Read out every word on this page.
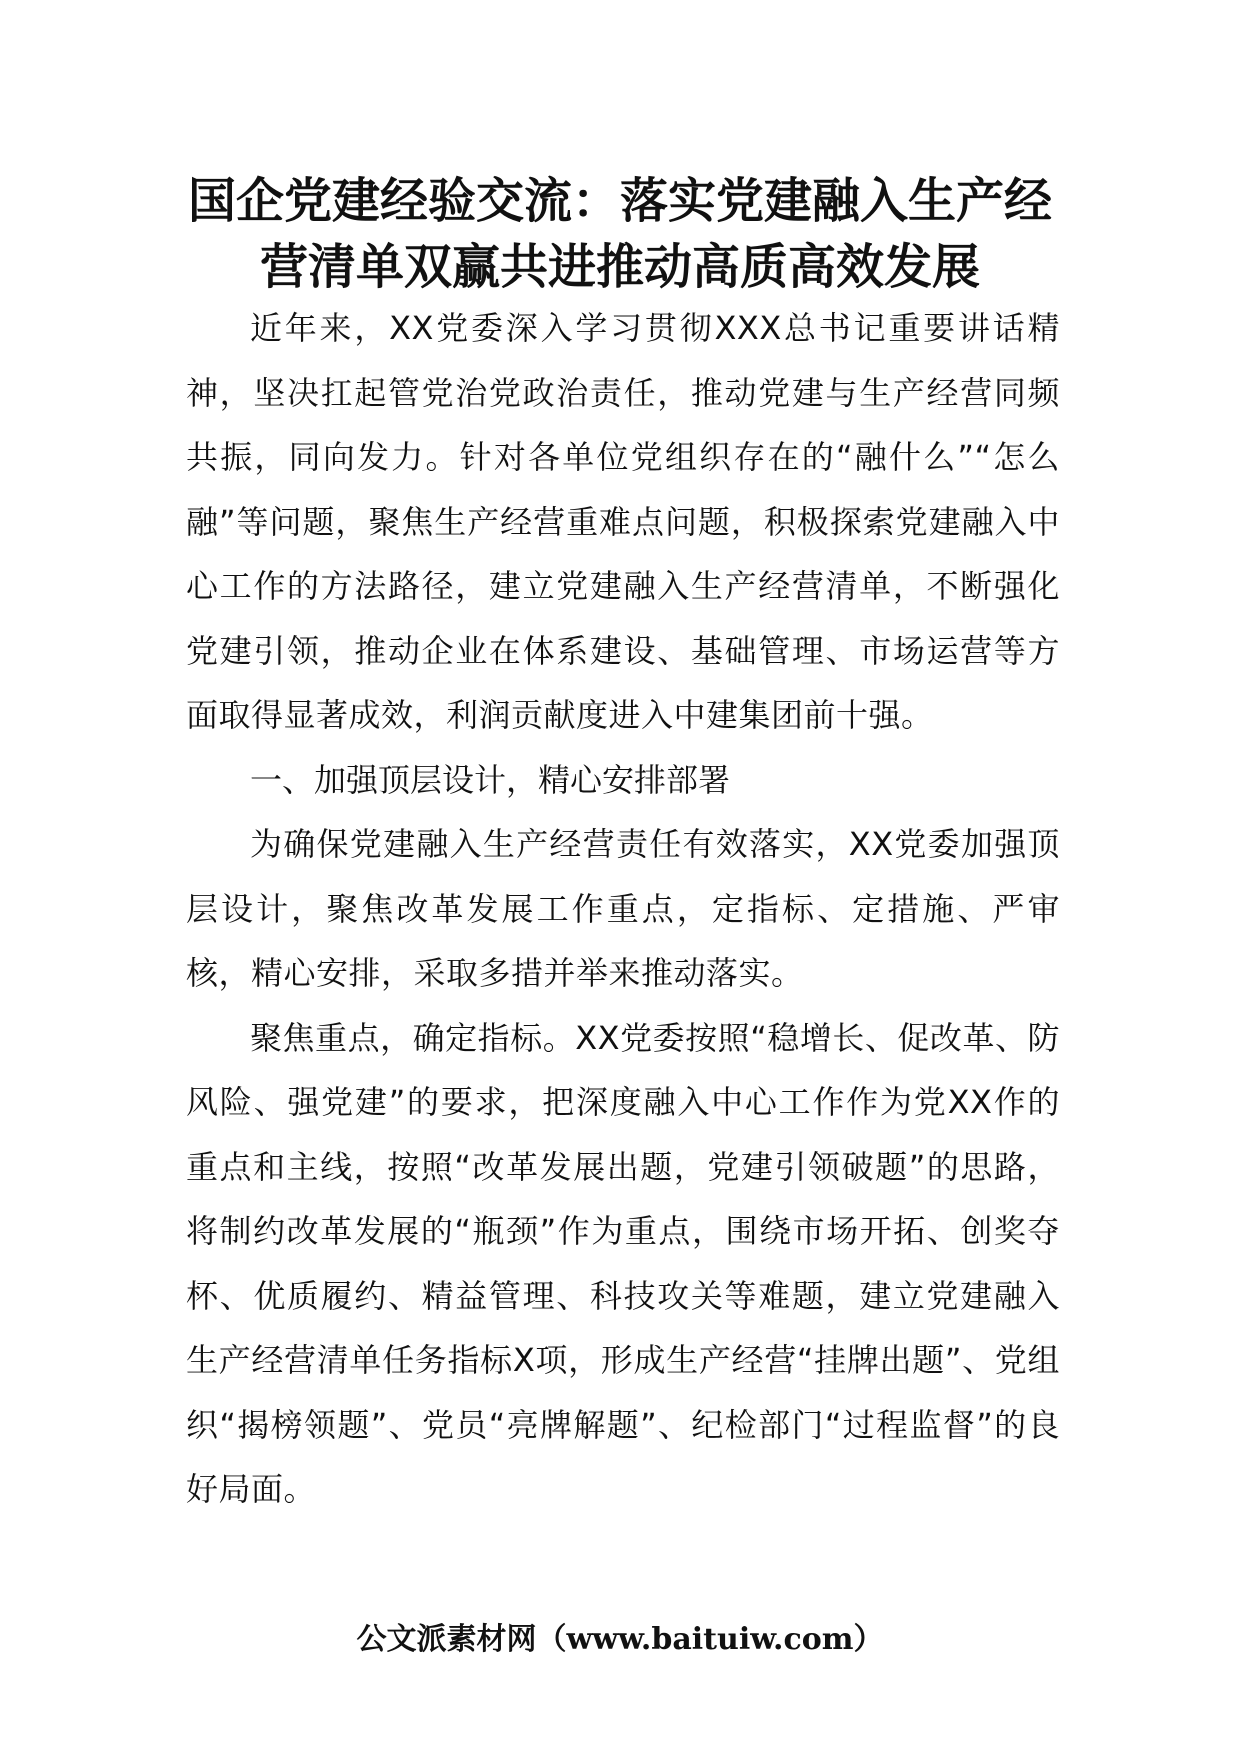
国企党建经验交流：落实党建融入生产经
营清单双赢共进推动高质高效发展

近年来，XX党委深入学习贯彻XXX总书记重要讲话精神，坚决扛起管党治党政治责任，推动党建与生产经营同频共振，同向发力。针对各单位党组织存在的“融什么”“怎么融”等问题，聚焦生产经营重难点问题，积极探索党建融入中心工作的方法路径，建立党建融入生产经营清单，不断强化党建引领，推动企业在体系建设、基础管理、市场运营等方面取得显著成效，利润贡献度进入中建集团前十强。

一、加强顶层设计，精心安排部署

为确保党建融入生产经营责任有效落实，XX党委加强顶层设计，聚焦改革发展工作重点，定指标、定措施、严审核，精心安排，采取多措并举来推动落实。

聚焦重点，确定指标。XX党委按照“稳增长、促改革、防风险、强党建”的要求，把深度融入中心工作作为党XX作的重点和主线，按照“改革发展出题，党建引领破题”的思路，将制约改革发展的“瓶颈”作为重点，围绕市场开拓、创奖夺杯、优质履约、精益管理、科技攻关等难题，建立党建融入生产经营清单任务指标X项，形成生产经营“挂牌出题”、党组织“揭榜领题”、党员“亮牌解题”、纪检部门“过程监督”的良好局面。

公文派素材网（www.baituiw.com）
